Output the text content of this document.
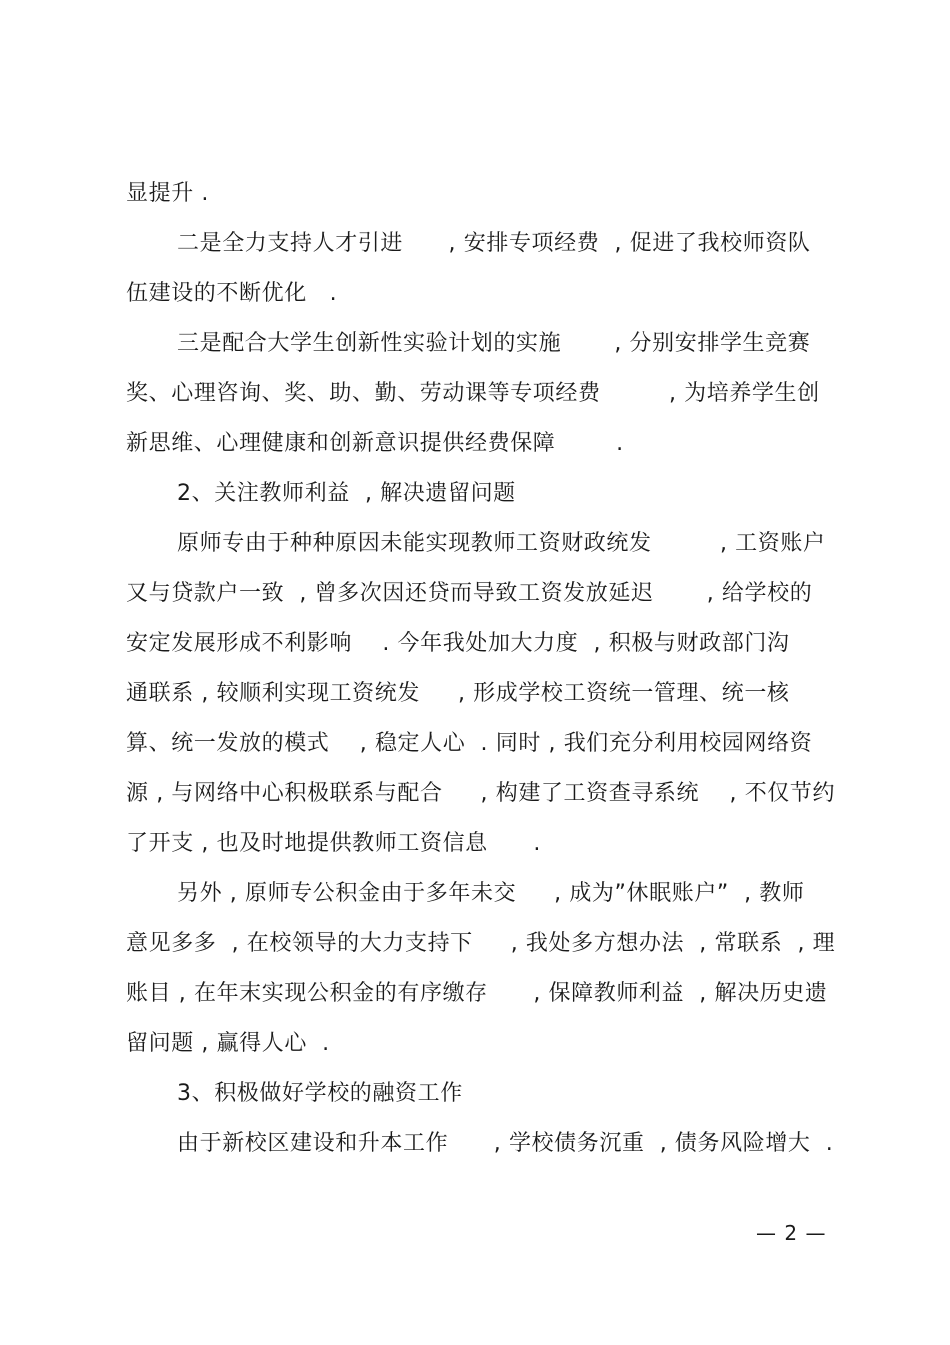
显提升 .
二是全力支持人才引进      , 安排专项经费  , 促进了我校师资队
伍建设的不断优化   .
三是配合大学生创新性实验计划的实施       , 分别安排学生竞赛
奖、心理咨询、奖、助、勤、劳动课等专项经费         , 为培养学生创
新思维、心理健康和创新意识提供经费保障        .
2、关注教师利益  , 解决遗留问题
原师专由于种种原因未能实现教师工资财政统发         , 工资账户
又与贷款户一致  , 曾多次因还贷而导致工资发放延迟       , 给学校的
安定发展形成不利影响    . 今年我处加大力度  , 积极与财政部门沟
通联系 , 较顺利实现工资统发     , 形成学校工资统一管理、统一核
算、统一发放的模式    , 稳定人心  . 同时 , 我们充分利用校园网络资
源 , 与网络中心积极联系与配合     , 构建了工资查寻系统    , 不仅节约
了开支 , 也及时地提供教师工资信息      .
另外 , 原师专公积金由于多年未交     , 成为”休眠账户”  , 教师
意见多多  , 在校领导的大力支持下     , 我处多方想办法  , 常联系  , 理
账目 , 在年末实现公积金的有序缴存      , 保障教师利益  , 解决历史遗
留问题 , 赢得人心  .
3、积极做好学校的融资工作
由于新校区建设和升本工作      , 学校债务沉重  , 债务风险增大  .
— 2 —
